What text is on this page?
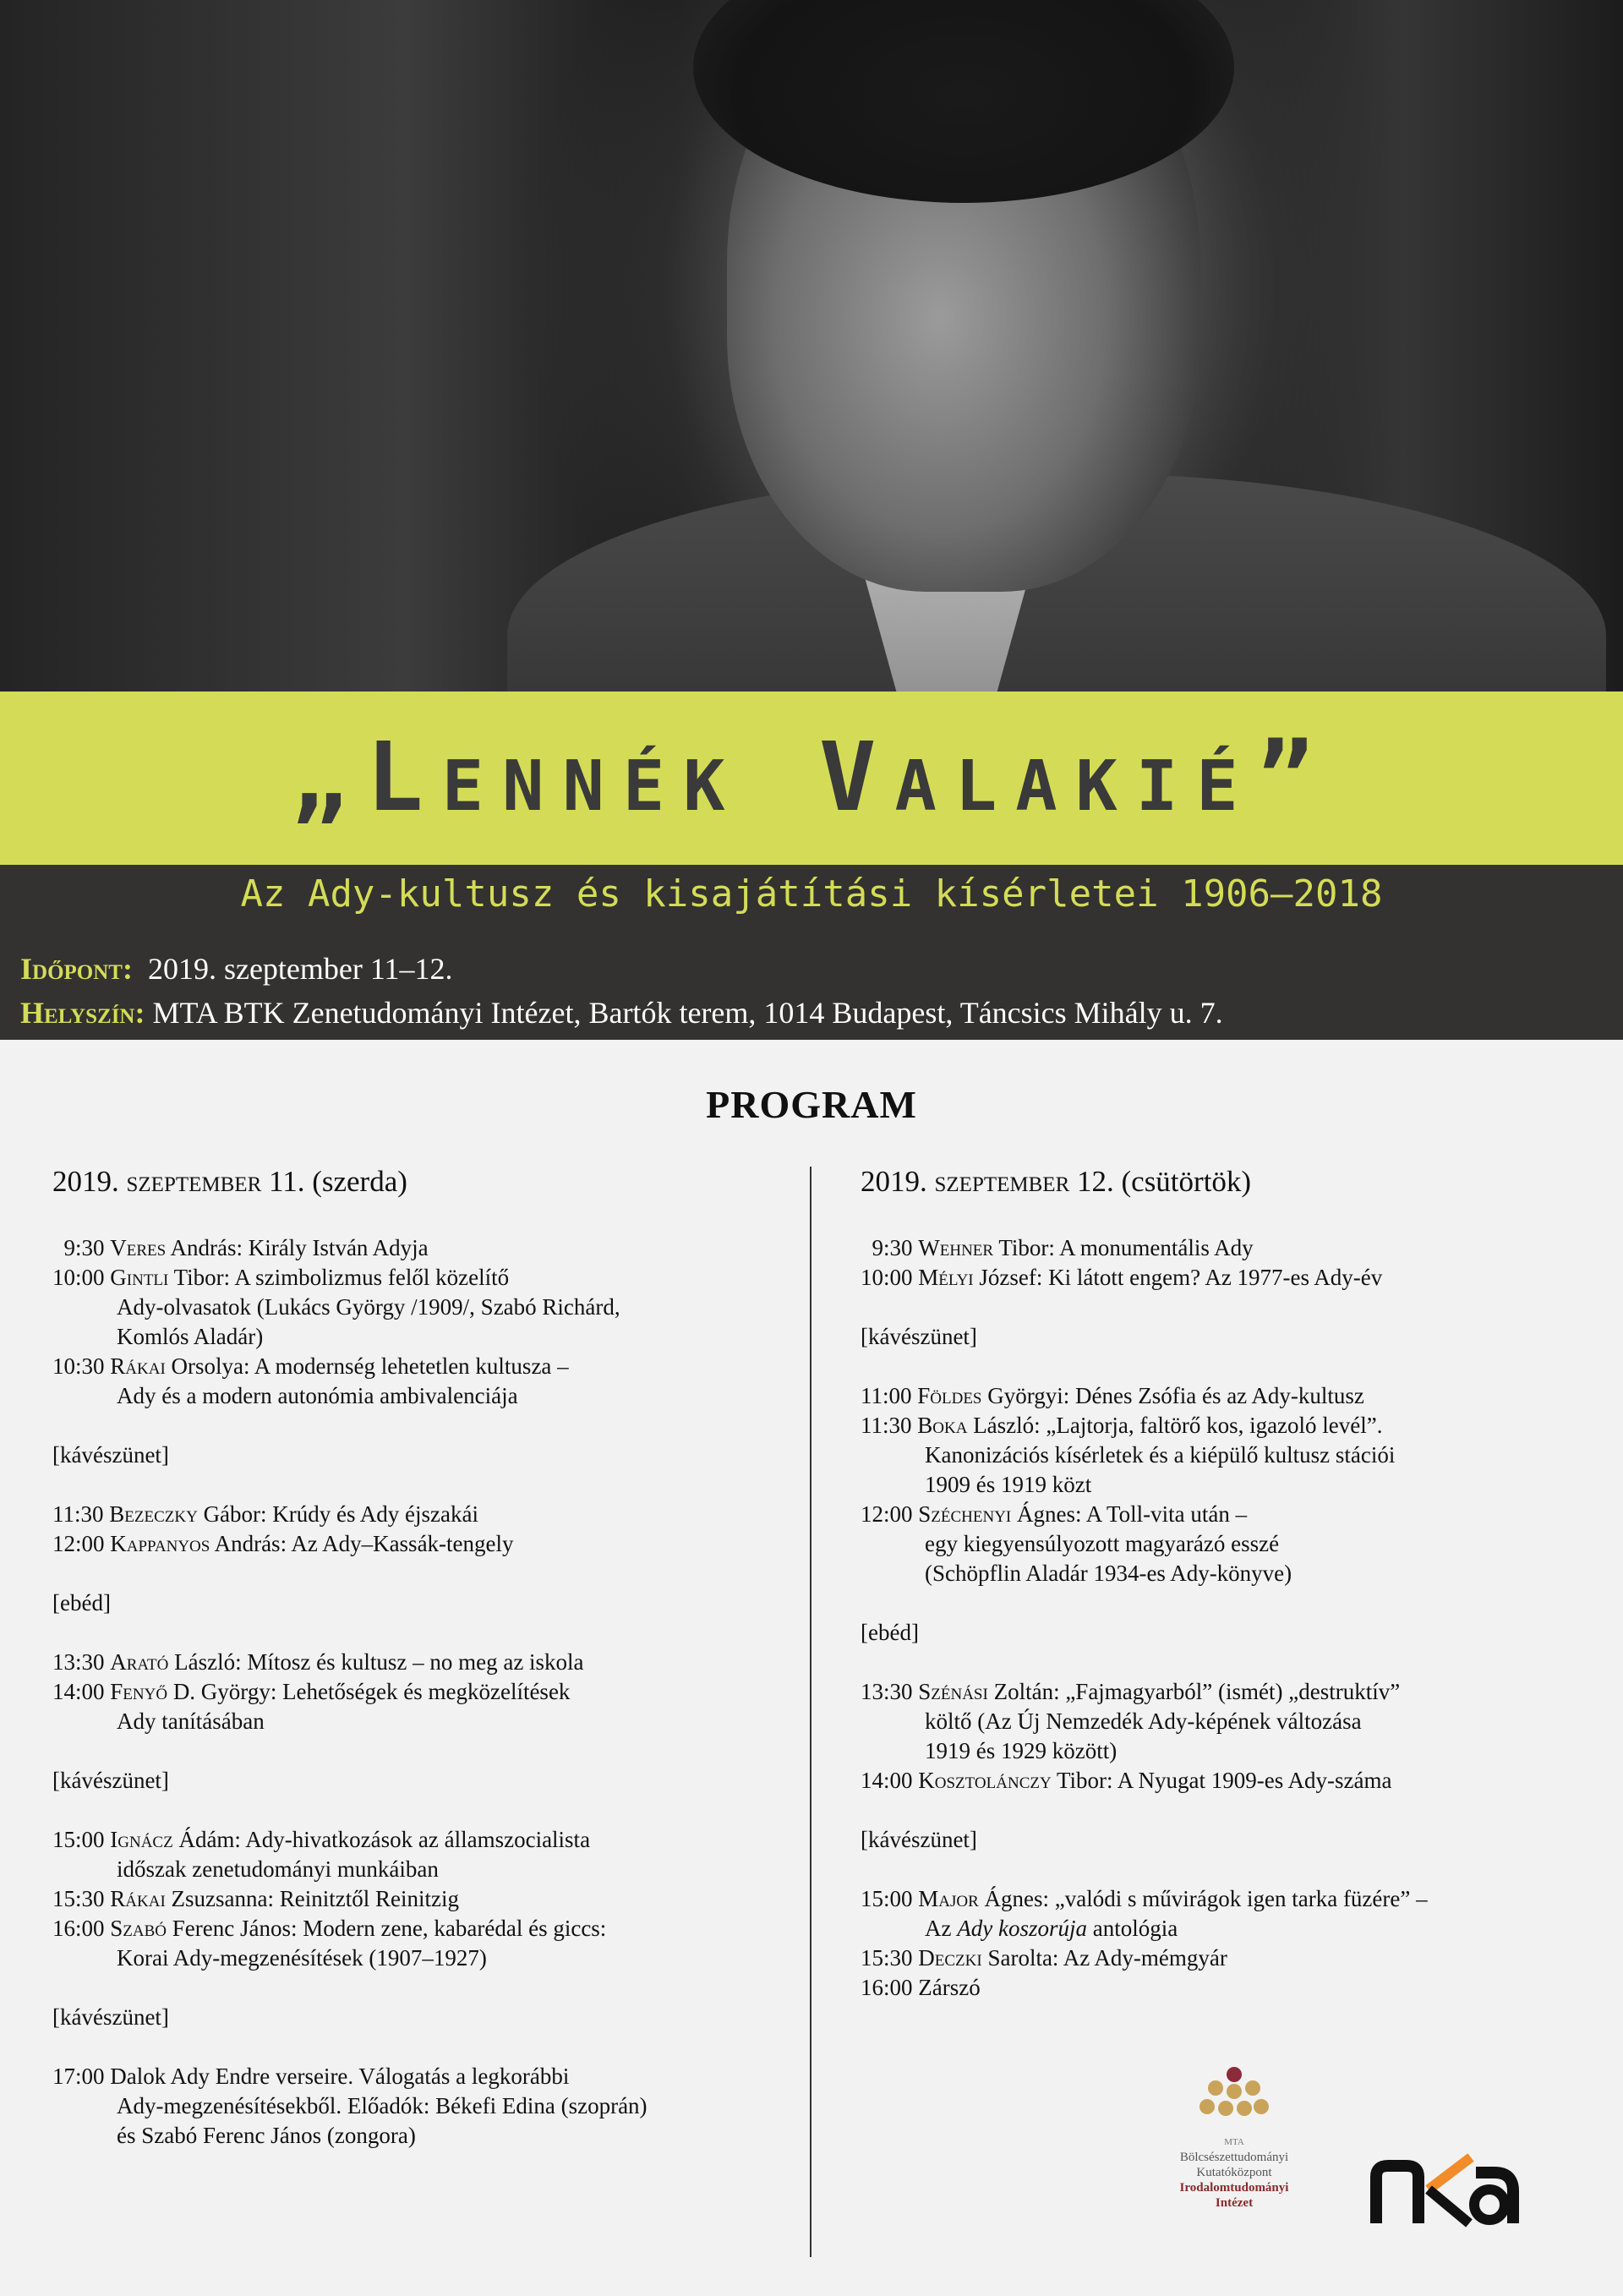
„LENNÉK VALAKIÉ”
Az Ady-kultusz és kisajátítási kísérletei 1906–2018
Időpont: 2019. szeptember 11–12.
Helyszín: MTA BTK Zenetudományi Intézet, Bartók terem, 1014 Budapest, Táncsics Mihály u. 7.
PROGRAM
2019. szeptember 11. (szerda)
9:30 Veres András: Király István Adyja
10:00 Gintli Tibor: A szimbolizmus felől közelítő
Ady-olvasatok (Lukács György /1909/, Szabó Richárd,
Komlós Aladár)
10:30 Rákai Orsolya: A modernség lehetetlen kultusza –
Ady és a modern autonómia ambivalenciája
[kávészünet]
11:30 Bezeczky Gábor: Krúdy és Ady éjszakái
12:00 Kappanyos András: Az Ady–Kassák-tengely
[ebéd]
13:30 Arató László: Mítosz és kultusz – no meg az iskola
14:00 Fenyő D. György: Lehetőségek és megközelítések
Ady tanításában
[kávészünet]
15:00 Ignácz Ádám: Ady-hivatkozások az államszocialista
időszak zenetudományi munkáiban
15:30 Rákai Zsuzsanna: Reinitztől Reinitzig
16:00 Szabó Ferenc János: Modern zene, kabarédal és giccs:
Korai Ady-megzenésítések (1907–1927)
[kávészünet]
17:00 Dalok Ady Endre verseire. Válogatás a legkorábbi
Ady-megzenésítésekből. Előadók: Békefi Edina (szoprán)
és Szabó Ferenc János (zongora)
2019. szeptember 12. (csütörtök)
9:30 Wehner Tibor: A monumentális Ady
10:00 Mélyi József: Ki látott engem? Az 1977-es Ady-év
[kávészünet]
11:00 Földes Györgyi: Dénes Zsófia és az Ady-kultusz
11:30 Boka László: „Lajtorja, faltörő kos, igazoló levél”.
Kanonizációs kísérletek és a kiépülő kultusz stációi
1909 és 1919 közt
12:00 Széchenyi Ágnes: A Toll-vita után –
egy kiegyensúlyozott magyarázó esszé
(Schöpflin Aladár 1934-es Ady-könyve)
[ebéd]
13:30 Szénási Zoltán: „Fajmagyarból” (ismét) „destruktív”
költő (Az Új Nemzedék Ady-képének változása
1919 és 1929 között)
14:00 Kosztolánczy Tibor: A Nyugat 1909-es Ady-száma
[kávészünet]
15:00 Major Ágnes: „valódi s művirágok igen tarka füzére” –
Az Ady koszorúja antológia
15:30 Deczki Sarolta: Az Ady-mémgyár
16:00 Zárszó
MTA
Bölcsészettudományi
Kutatóközpont
Irodalomtudományi
Intézet
